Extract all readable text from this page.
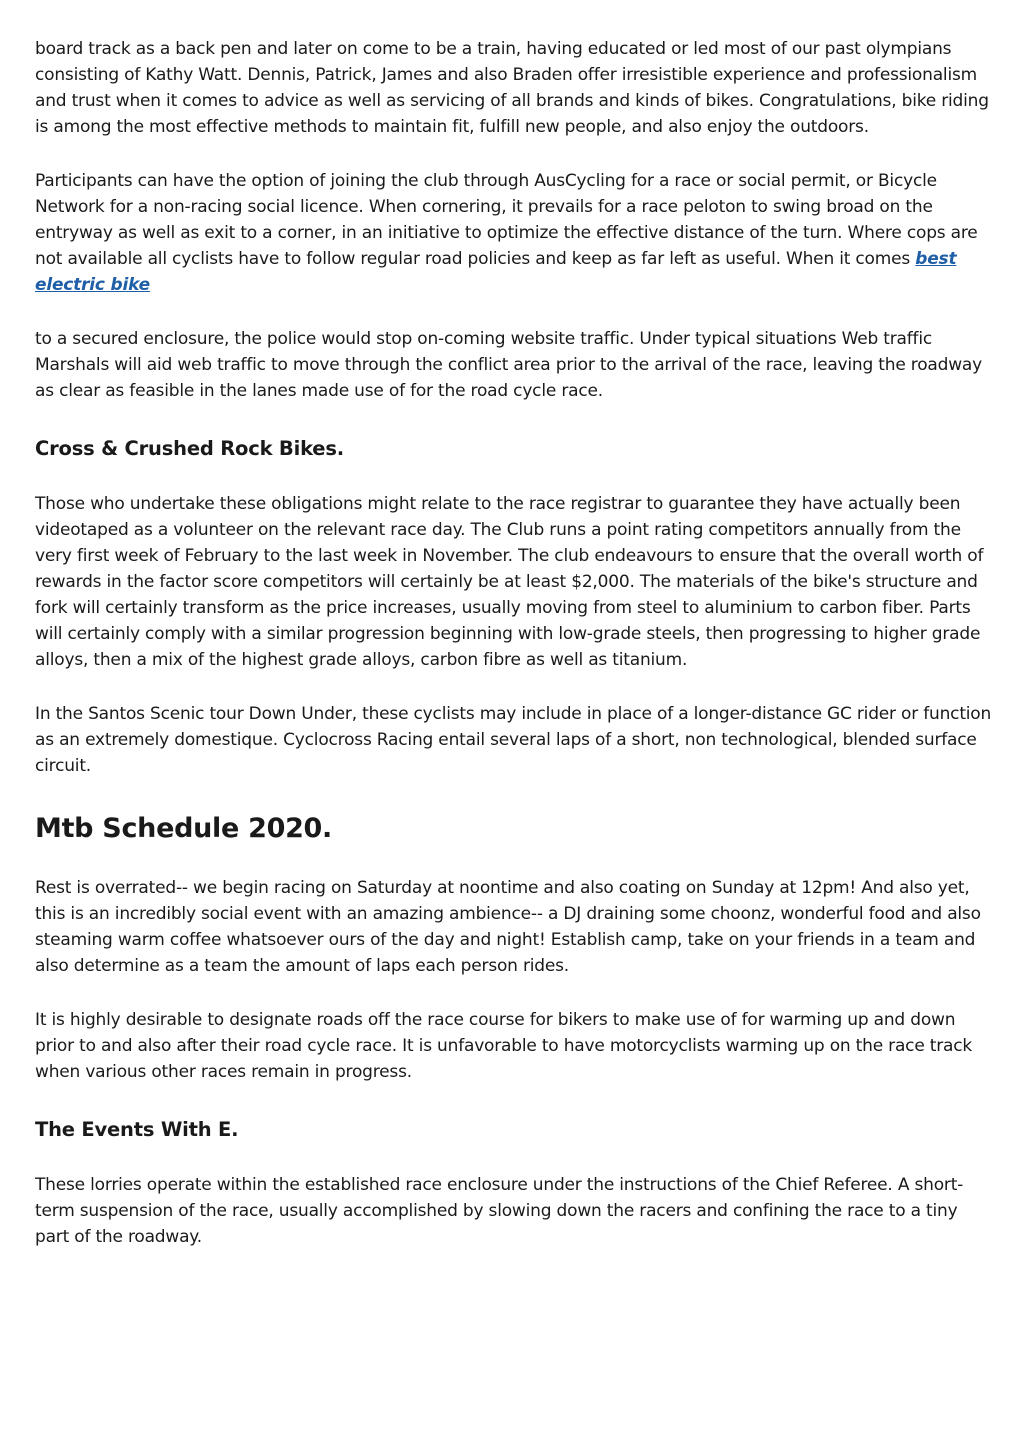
board track as a back pen and later on come to be a train, having educated or led most of our past olympians consisting of Kathy Watt. Dennis, Patrick, James and also Braden offer irresistible experience and professionalism and trust when it comes to advice as well as servicing of all brands and kinds of bikes. Congratulations, bike riding is among the most effective methods to maintain fit, fulfill new people, and also enjoy the outdoors.

Participants can have the option of joining the club through AusCycling for a race or social permit, or Bicycle Network for a non-racing social licence. When cornering, it prevails for a race peloton to swing broad on the entryway as well as exit to a corner, in an initiative to optimize the effective distance of the turn. Where cops are not available all cyclists have to follow regular road policies and keep as far left as useful. When it comes best electric bike

to a secured enclosure, the police would stop on-coming website traffic. Under typical situations Web traffic Marshals will aid web traffic to move through the conflict area prior to the arrival of the race, leaving the roadway as clear as feasible in the lanes made use of for the road cycle race.

Cross & Crushed Rock Bikes.

Those who undertake these obligations might relate to the race registrar to guarantee they have actually been videotaped as a volunteer on the relevant race day. The Club runs a point rating competitors annually from the very first week of February to the last week in November. The club endeavours to ensure that the overall worth of rewards in the factor score competitors will certainly be at least $2,000. The materials of the bike's structure and fork will certainly transform as the price increases, usually moving from steel to aluminium to carbon fiber. Parts will certainly comply with a similar progression beginning with low-grade steels, then progressing to higher grade alloys, then a mix of the highest grade alloys, carbon fibre as well as titanium.

In the Santos Scenic tour Down Under, these cyclists may include in place of a longer-distance GC rider or function as an extremely domestique. Cyclocross Racing entail several laps of a short, non technological, blended surface circuit.

Mtb Schedule 2020.

Rest is overrated-- we begin racing on Saturday at noontime and also coating on Sunday at 12pm! And also yet, this is an incredibly social event with an amazing ambience-- a DJ draining some choonz, wonderful food and also steaming warm coffee whatsoever ours of the day and night! Establish camp, take on your friends in a team and also determine as a team the amount of laps each person rides.

It is highly desirable to designate roads off the race course for bikers to make use of for warming up and down prior to and also after their road cycle race. It is unfavorable to have motorcyclists warming up on the race track when various other races remain in progress.

The Events With E.

These lorries operate within the established race enclosure under the instructions of the Chief Referee. A short-term suspension of the race, usually accomplished by slowing down the racers and confining the race to a tiny part of the roadway.
